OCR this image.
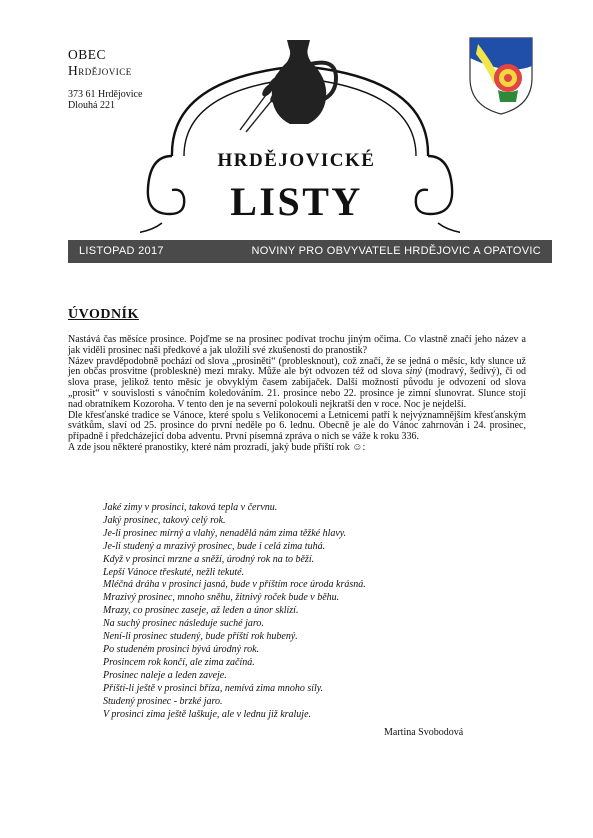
OBEC
Hrdějovice
373 61 Hrdějovice
Dlouhá 221
HRDĚJOVICKÉ
LISTY
LISTOPAD 2017	NOVINY PRO OBVYVATELE HRDĚJOVIC A OPATOVIC
ÚVODNÍK

Nastává čas měsíce prosince. Pojďme se na prosinec podívat trochu jiným očima. Co vlastně značí jeho název a jak viděli prosinec naši předkové a jak uložili své zkušenosti do pranostik?

Název pravděpodobně pochází od slova „prosiněti“ (problesknout), což značí, že se jedná o měsíc, kdy slunce už jen občas prosvitne (problesknė) mezi mraky. Může ale být odvozen též od slova siný (modravý, šedivý), či od slova prase, jelikož tento měsíc je obvyklým časem zabíjaček. Další možností původu je odvození od slova „prosit“ v souvislosti s vánočním koledováním. 21. prosince nebo 22. prosince je zimní slunovrat. Slunce stojí nad obratníkem Kozoroha. V tento den je na severní polokouli nejkratší den v roce. Noc je nejdelší.

Dle křesťanské tradice se Vánoce, které spolu s Velikonocemi a Letnicemi patří k nejvýznamnějším křesťanským svátkům, slaví od 25. prosince do první neděle po 6. lednu. Obecně je ale do Vánoc zahrnován i 24. prosinec, případně i předcházející doba adventu. První písemná zpráva o nich se váže k roku 336.

A zde jsou některé pranostiky, které nám prozradí, jaký bude příští rok ☺:

Jaké zimy v prosinci, taková tepla v červnu.
Jaký prosinec, takový celý rok.
Je-li prosinec mírný a vlahý, nenadělá nám zima těžké hlavy.
Je-li studený a mrazivý prosinec, bude i celá zima tuhá.
Když v prosinci mrzne a sněží, úrodný rok na to běží.
Lepší Vánoce třeskuté, nežli tekuté.
Mléčná dráha v prosinci jasná, bude v příštím roce úroda krásná.
Mrazivý prosinec, mnoho sněhu, žitnivý roček bude v běhu.
Mrazy, co prosinec zaseje, až leden a únor sklízí.
Na suchý prosinec následuje suché jaro.
Není-li prosinec studený, bude příští rok hubený.
Po studeném prosinci bývá úrodný rok.
Prosincem rok končí, ale zima začíná.
Prosinec naleje a leden zaveje.
Příští-li ještě v prosinci bříza, nemívá zima mnoho síly.
Studený prosinec - brzké jaro.
V prosinci zima ještě laškuje, ale v lednu již kraluje.
Martina Svobodová
